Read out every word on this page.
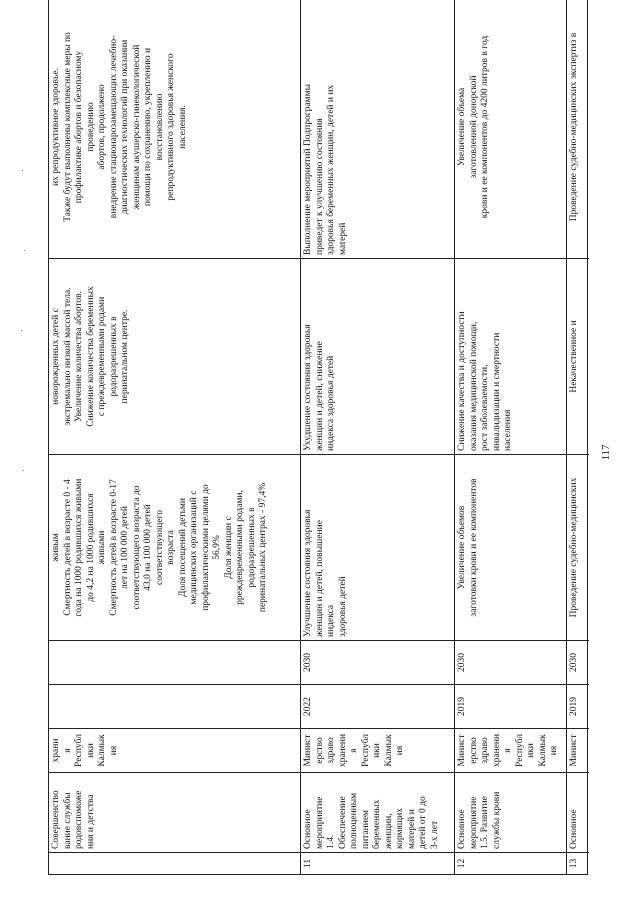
Совершенство
вание службы
родовспоможе
ния и детства
храни
я
Республ
ики
Калмык
ия
живым
Смертность детей в возрасте 0 - 4
года на 1000 родившихся живыми
до 4,2 на 1000 родившихся
живыми
Смертность детей в возрасте 0-17
лет на 100 000 детей
соответствующего возраста до
43,0 на 100 000 детей
соответствующего
возраста
Доля посещений детьми
медицинских организаций с
профилактическими целями до
56,9%
Доля женщин с
pреждевременными родами,
родоразрешенных в
перинатальных центрах - 97,4%
новорожденных детей с
экстремально низкой массой тела.
Увеличение количества абортов.
Снижение количества беременных
с преждевременными родами
родоразрешенных в
перинатальном центре.
их репродуктивное здоровье.
Также будут выполнены комплексные меры по
профилактике абортов и безопасному
проведению
абортов, продолжено
внедрение стационарозамещающих лечебно-
диагностических технологий при оказании
женщинам акушерско-гинекологической
помощи по сохранению, укреплению и
восстановлению
репродуктивного здоровья женского
населения.
11
Основное
мероприятие
1.4.
Обеспечение
полноценным
питанием
беременных
женщин,
кормящих
матерей и
детей от 0 до
3-х лет
Минист
ерство
здраво
хранени
я
Республ
ики
Калмык
ия
2022
2030
Улучшение состояния здоровья
женщин и детей, повышение
индекса
здоровья детей
Ухудшение состояния здоровья
женщин и детей, снижение
индекса здоровья детей
Выполнение мероприятий Подпрограммы
приведет к улучшению состояния
здоровья беременных женщин, детей и их
матерей
12
Основное
мероприятие
1.5. Развитие
службы крови
Минист
ерство
здраво
хранени
я
Республ
ики
Калмык
ия
2019
2030
Увеличение объемов
заготовки крови и ее компонентов
Снижение качества и доступности
оказания медицинской помощи,
рост заболеваемости,
инвалидизации и смертности
населения
Увеличение объема
заготовленной донорской
крови и ее компонентов до 4200 литров в год
13
Основное
Минист
2019
2030
Проведение судебно-медицинских
Некачественное и
Проведение судебно-медицинских экспертиз в
117
